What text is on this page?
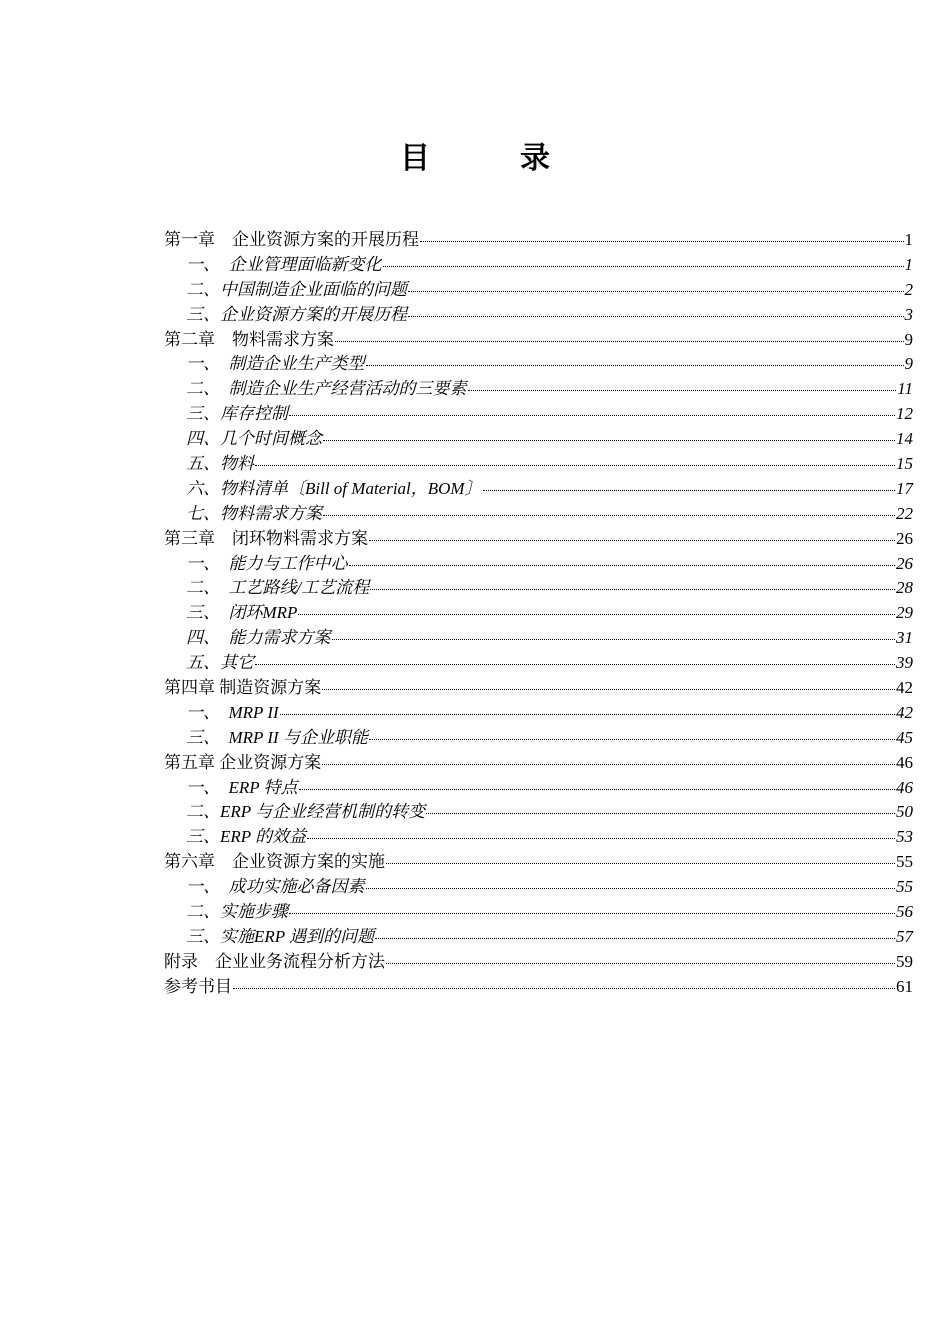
目	录
第一章　企业资源方案的开展历程	1
一、　企业管理面临新变化	1
二、中国制造企业面临的问题	2
三、企业资源方案的开展历程	3
第二章　物料需求方案	9
一、　制造企业生产类型	9
二、　制造企业生产经营活动的三要素	11
三、库存控制	12
四、几个时间概念	14
五、物料	15
六、物料清单〔Bill of Material，BOM〕	17
七、物料需求方案	22
第三章　闭环物料需求方案	26
一、　能力与工作中心	26
二、　工艺路线/工艺流程	28
三、　闭环MRP	29
四、　能力需求方案	31
五、其它	39
第四章 制造资源方案	42
一、　MRP II	42
三、　MRP II 与企业职能	45
第五章 企业资源方案	46
一、　ERP 特点	46
二、ERP 与企业经营机制的转变	50
三、ERP 的效益	53
第六章　企业资源方案的实施	55
一、　成功实施必备因素	55
二、实施步骤	56
三、实施ERP 遇到的问题	57
附录　企业业务流程分析方法	59
参考书目	61
